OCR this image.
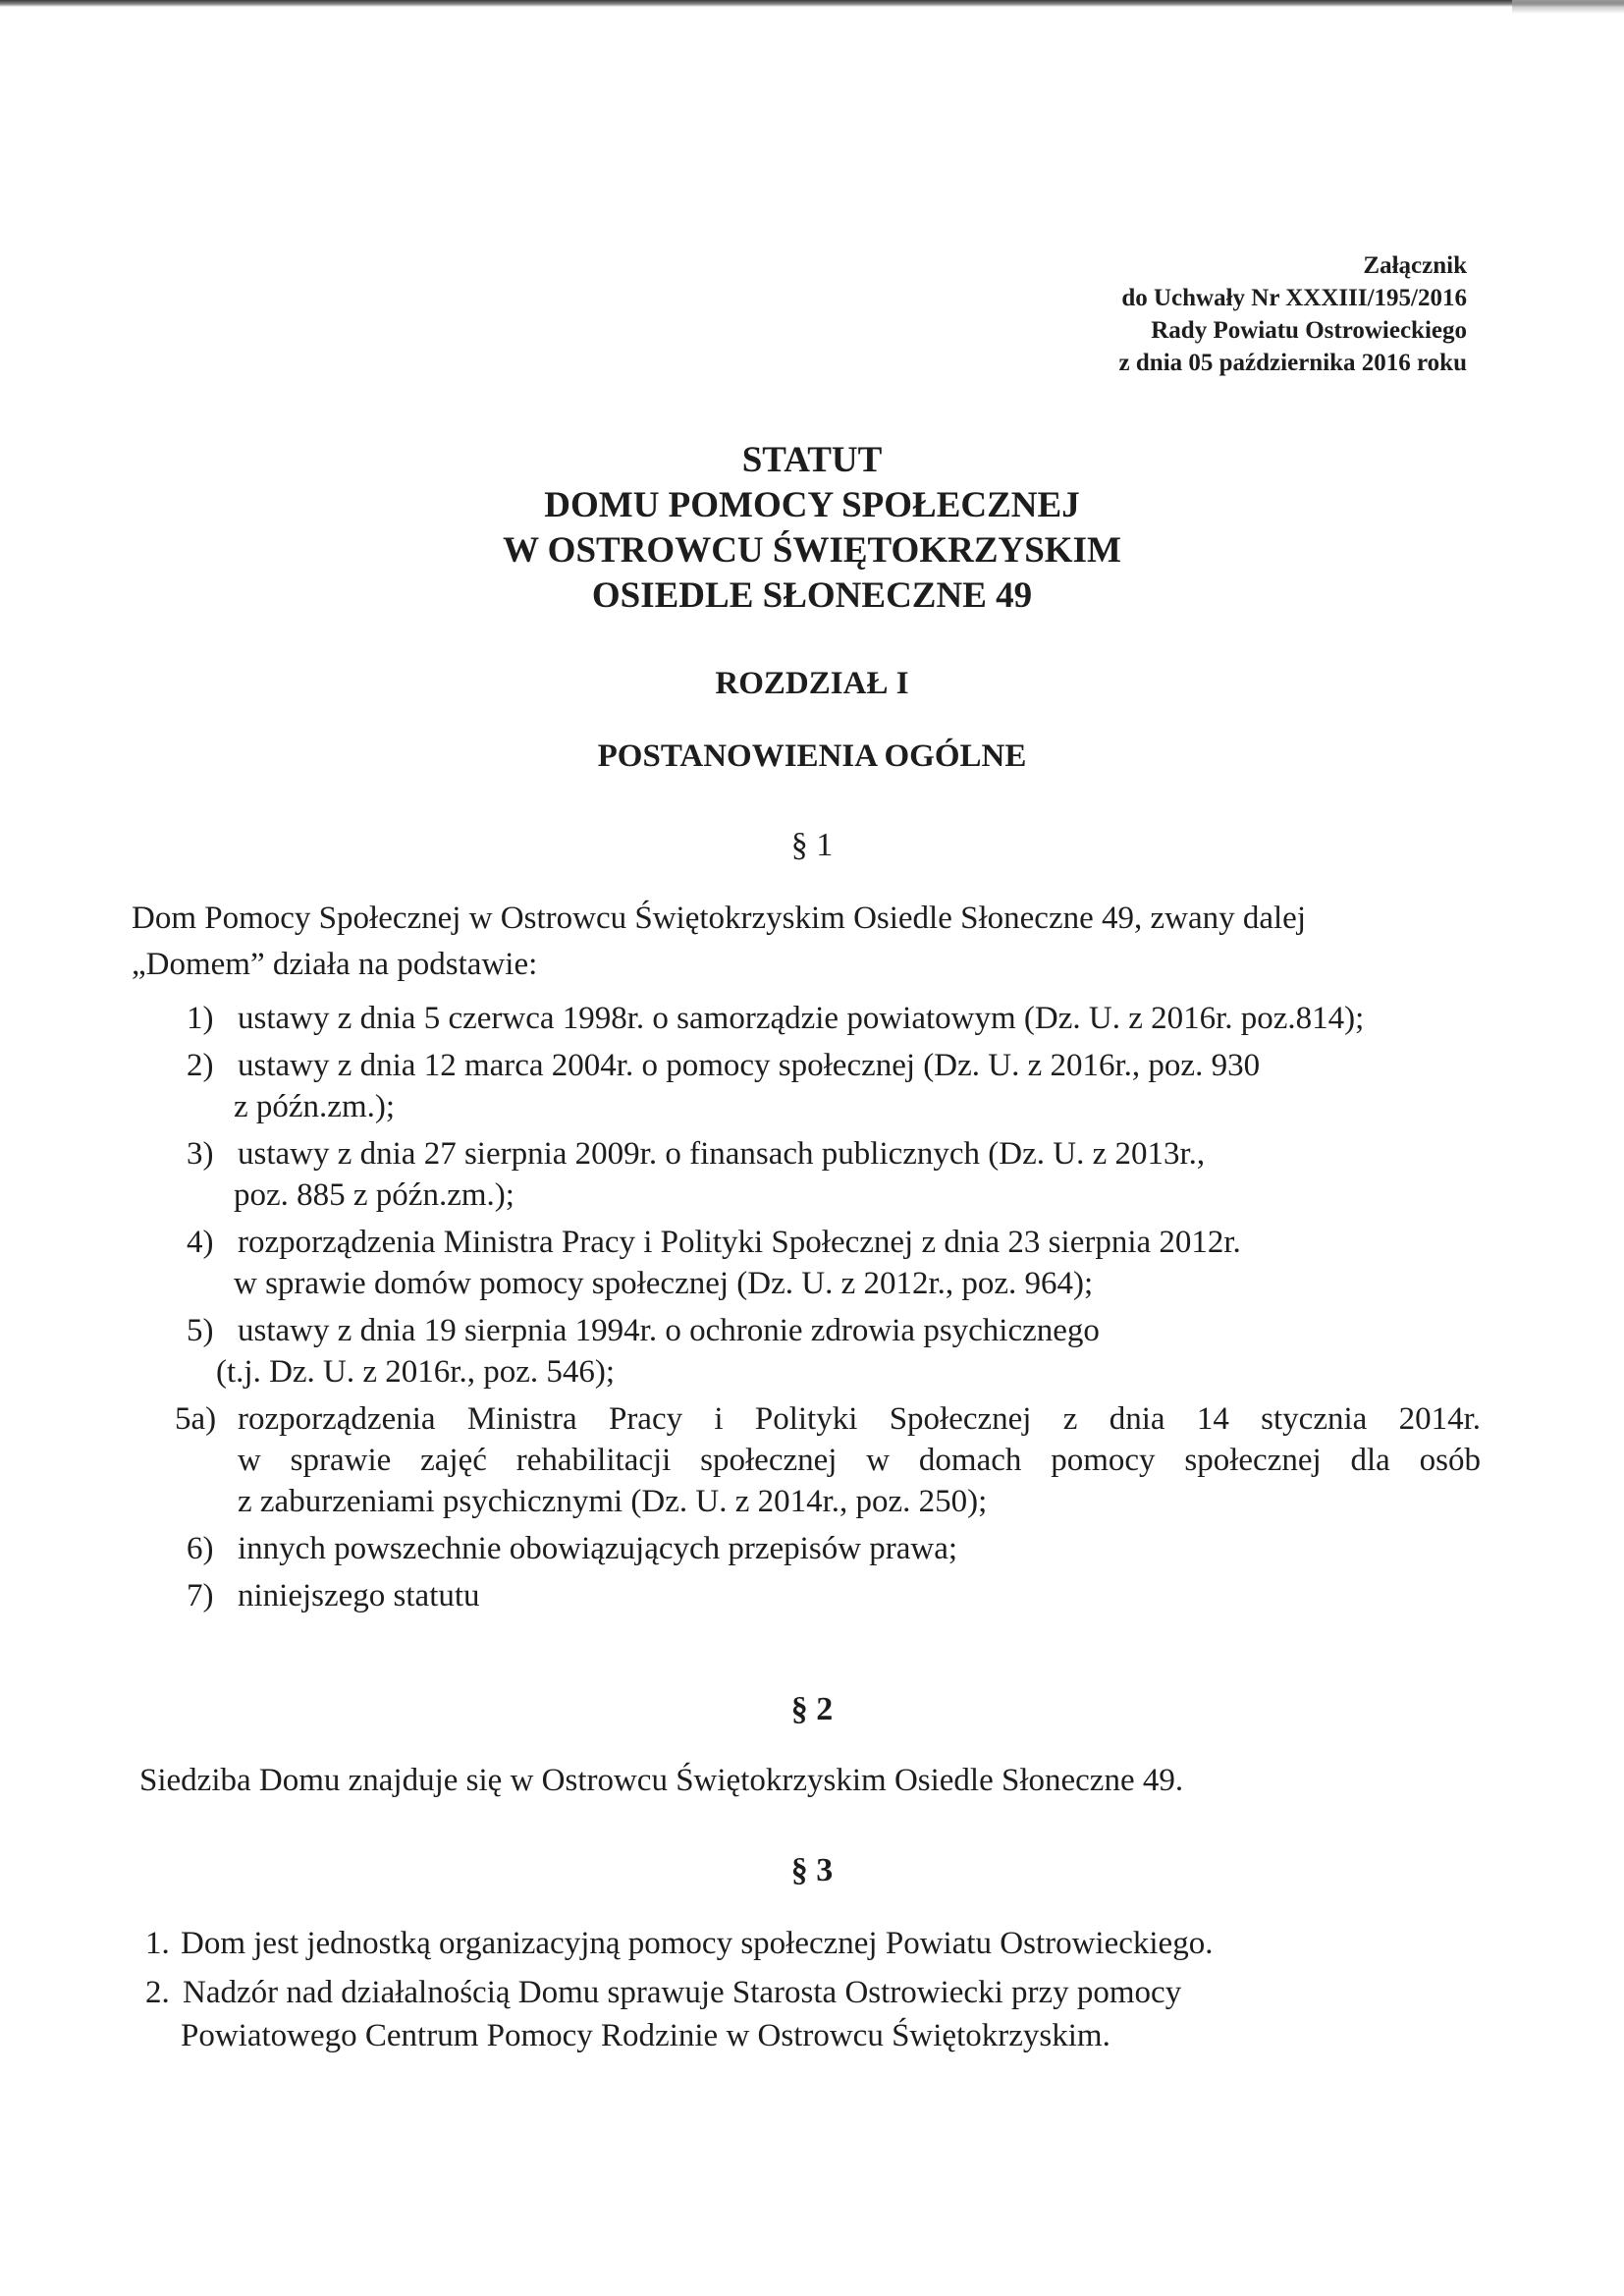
Załącznik
do Uchwały Nr XXXIII/195/2016
Rady Powiatu Ostrowieckiego
z dnia 05 października 2016 roku
STATUT
DOMU POMOCY SPOŁECZNEJ
W OSTROWCU ŚWIĘTOKRZYSKIM
OSIEDLE SŁONECZNE 49
ROZDZIAŁ I
POSTANOWIENIA OGÓLNE
§ 1
Dom Pomocy Społecznej w Ostrowcu Świętokrzyskim Osiedle Słoneczne 49, zwany dalej
„Domem” działa na podstawie:
1) ustawy z dnia 5 czerwca 1998r. o samorządzie powiatowym (Dz. U. z 2016r. poz.814);
2) ustawy z dnia 12 marca 2004r. o pomocy społecznej (Dz. U. z 2016r., poz. 930
z późn.zm.);
3) ustawy z dnia 27 sierpnia 2009r. o finansach publicznych (Dz. U. z 2013r.,
poz. 885 z późn.zm.);
4) rozporządzenia Ministra Pracy i Polityki Społecznej z dnia 23 sierpnia 2012r.
w sprawie domów pomocy społecznej (Dz. U. z 2012r., poz. 964);
5) ustawy z dnia 19 sierpnia 1994r. o ochronie zdrowia psychicznego
(t.j. Dz. U. z 2016r., poz. 546);
5a) rozporządzenia Ministra Pracy i Polityki Społecznej z dnia 14 stycznia 2014r.
w sprawie zajęć rehabilitacji społecznej w domach pomocy społecznej dla osób
z zaburzeniami psychicznymi (Dz. U. z 2014r., poz. 250);
6) innych powszechnie obowiązujących przepisów prawa;
7) niniejszego statutu
§ 2
Siedziba Domu znajduje się w Ostrowcu Świętokrzyskim Osiedle Słoneczne 49.
§ 3
1. Dom jest jednostką organizacyjną pomocy społecznej Powiatu Ostrowieckiego.
2. Nadzór nad działalnością Domu sprawuje Starosta Ostrowiecki przy pomocy
Powiatowego Centrum Pomocy Rodzinie w Ostrowcu Świętokrzyskim.
